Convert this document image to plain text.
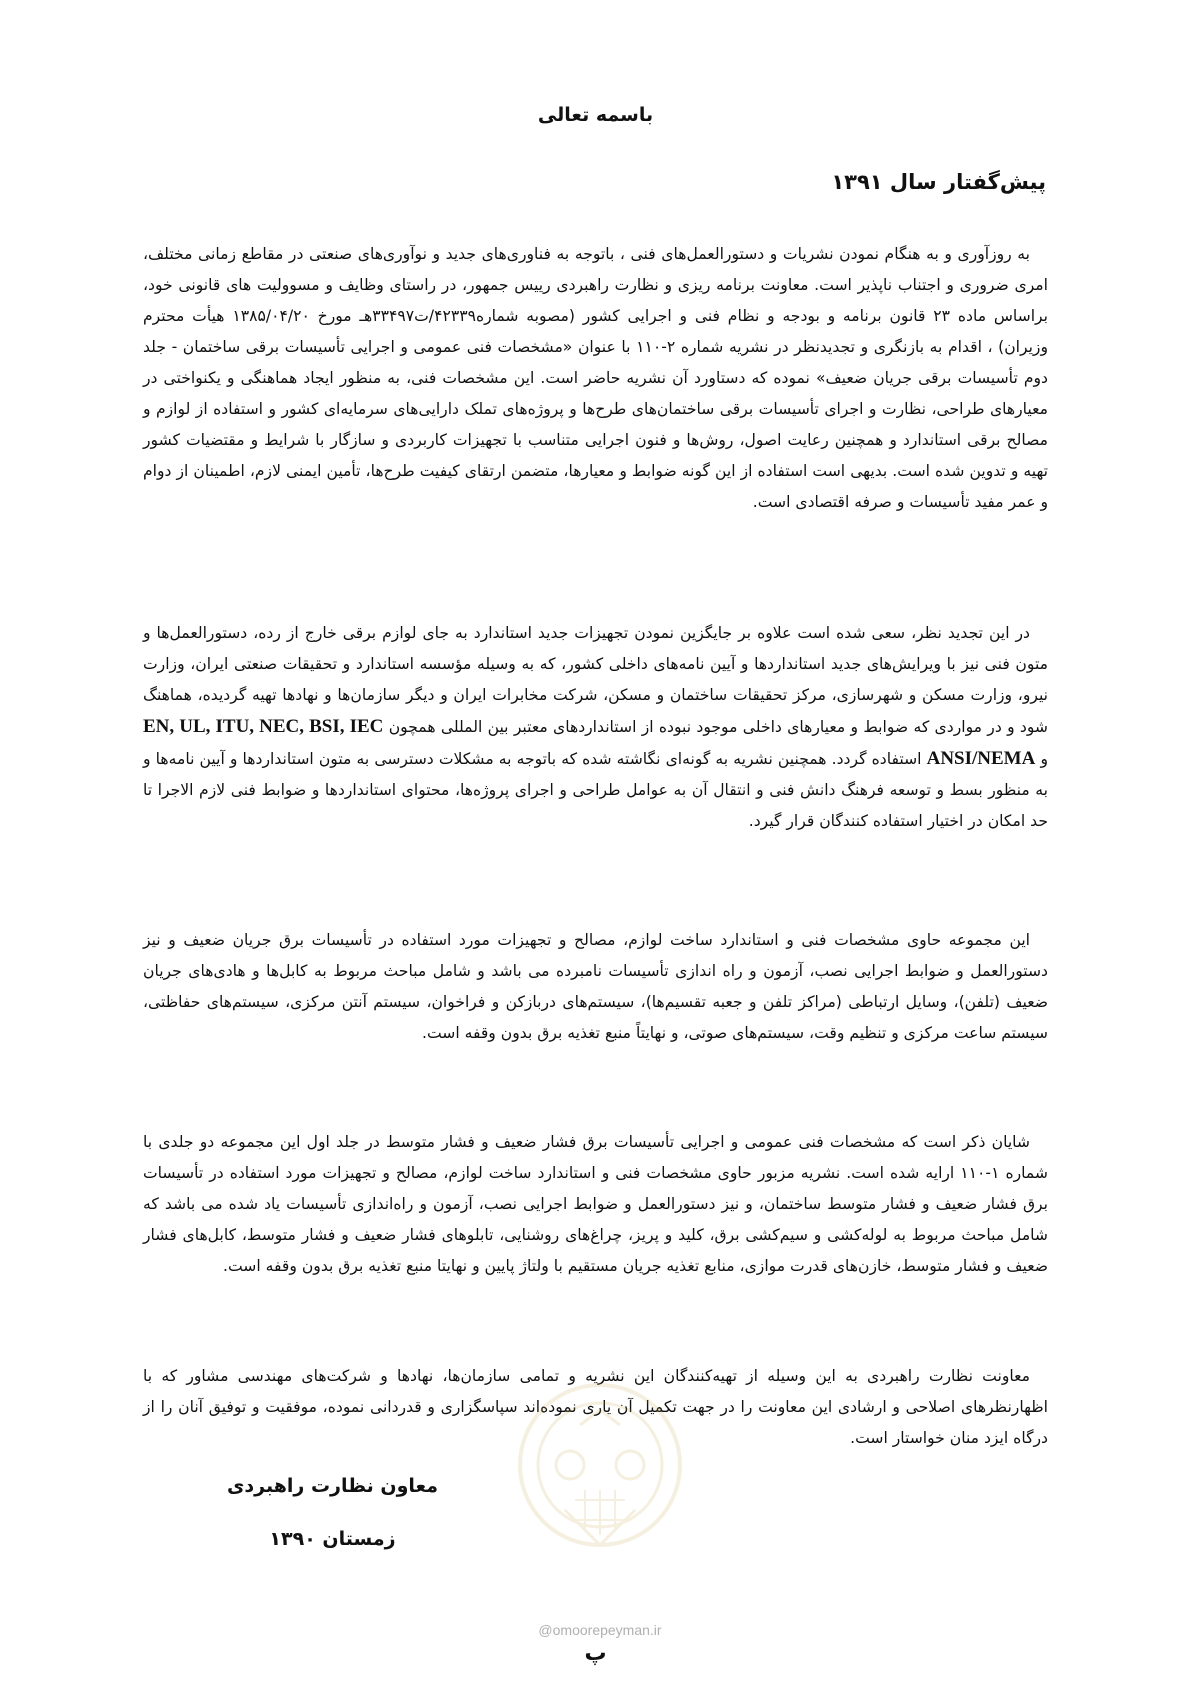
باسمه تعالی
پیش‌گفتار سال ۱۳۹۱

به روزآوری و به هنگام نمودن نشریات و دستورالعمل‌های فنی ، باتوجه به فناوری‌های جدید و نوآوری‌های صنعتی در مقاطع زمانی مختلف، امری ضروری و اجتناب ناپذیر است. معاونت برنامه ریزی و نظارت راهبردی رییس جمهور، در راستای وظایف و مسوولیت های قانونی خود، براساس ماده ۲۳ قانون برنامه و بودجه و نظام فنی و اجرایی کشور (مصوبه شماره۴۲۳۳۹/ت۳۳۴۹۷هـ مورخ ۱۳۸۵/۰۴/۲۰ هیأت محترم وزیران) ، اقدام به بازنگری و تجدیدنظر در نشریه شماره ۲-۱۱۰ با عنوان «مشخصات فنی عمومی و اجرایی تأسیسات برقی ساختمان - جلد دوم تأسیسات برقی جریان ضعیف» نموده که دستاورد آن نشریه حاضر است. این مشخصات فنی، به منظور ایجاد هماهنگی و یکنواختی در معیارهای طراحی، نظارت و اجرای تأسیسات برقی ساختمان‌های طرح‌ها و پروژه‌های تملک دارایی‌های سرمایه‌ای کشور و استفاده از لوازم و مصالح برقی استاندارد و همچنین رعایت اصول، روش‌ها و فنون اجرایی متناسب با تجهیزات کاربردی و سازگار با شرایط و مقتضیات کشور تهیه و تدوین شده است. بدیهی است استفاده از این گونه ضوابط و معیارها، متضمن ارتقای کیفیت طرح‌ها، تأمین ایمنی لازم، اطمینان از دوام و عمر مفید تأسیسات و صرفه اقتصادی است.

در این تجدید نظر، سعی شده است علاوه بر جایگزین نمودن تجهیزات جدید استاندارد به جای لوازم برقی خارج از رده، دستورالعمل‌ها و متون فنی نیز با ویرایش‌های جدید استانداردها و آیین نامه‌های داخلی کشور، که به وسیله مؤسسه استاندارد و تحقیقات صنعتی ایران، وزارت نیرو، وزارت مسکن و شهرسازی، مرکز تحقیقات ساختمان و مسکن، شرکت مخابرات ایران و دیگر سازمان‌ها و نهادها تهیه گردیده، هماهنگ شود و در مواردی که ضوابط و معیارهای داخلی موجود نبوده از استانداردهای معتبر بین المللی همچون EN, UL, ITU, NEC, BSI, IEC و ANSI/NEMA استفاده گردد. همچنین نشریه به گونه‌ای نگاشته شده که باتوجه به مشکلات دسترسی به متون استانداردها و آیین نامه‌ها و به منظور بسط و توسعه فرهنگ دانش فنی و انتقال آن به عوامل طراحی و اجرای پروژه‌ها، محتوای استانداردها و ضوابط فنی لازم الاجرا تا حد امکان در اختیار استفاده کنندگان قرار گیرد.

این مجموعه حاوی مشخصات فنی و استاندارد ساخت لوازم، مصالح و تجهیزات مورد استفاده در تأسیسات برق جریان ضعیف و نیز دستورالعمل و ضوابط اجرایی نصب، آزمون و راه اندازی تأسیسات نامبرده می باشد و شامل مباحث مربوط به کابل‌ها و هادی‌های جریان ضعیف (تلفن)، وسایل ارتباطی (مراکز تلفن و جعبه تقسیم‌ها)، سیستم‌های دربازکن و فراخوان، سیستم آنتن مرکزی، سیستم‌های حفاظتی، سیستم ساعت مرکزی و تنظیم وقت، سیستم‌های صوتی، و نهایتاً منبع تغذیه برق بدون وقفه است.

شایان ذکر است که مشخصات فنی عمومی و اجرایی تأسیسات برق فشار ضعیف و فشار متوسط در جلد اول این مجموعه دو جلدی با شماره ۱-۱۱۰ ارایه شده است. نشریه مزبور حاوی مشخصات فنی و استاندارد ساخت لوازم، مصالح و تجهیزات مورد استفاده در تأسیسات برق فشار ضعیف و فشار متوسط ساختمان، و نیز دستورالعمل و ضوابط اجرایی نصب، آزمون و راه‌اندازی تأسیسات یاد شده می باشد که شامل مباحث مربوط به لوله‌کشی و سیم‌کشی برق، کلید و پریز، چراغ‌های روشنایی، تابلوهای فشار ضعیف و فشار متوسط، کابل‌های فشار ضعیف و فشار متوسط، خازن‌های قدرت موازی، منابع تغذیه جریان مستقیم با ولتاژ پایین و نهایتا منبع تغذیه برق بدون وقفه است.

معاونت نظارت راهبردی به این وسیله از تهیه‌کنندگان این نشریه و تمامی سازمان‌ها، نهادها و شرکت‌های مهندسی مشاور که با اظهارنظرهای اصلاحی و ارشادی این معاونت را در جهت تکمیل آن یاری نموده‌اند سپاسگزاری و قدردانی نموده، موفقیت و توفیق آنان را از درگاه ایزد منان خواستار است.

@omoorepeyman.ir
معاون نظارت راهبردی
زمستان ۱۳۹۰
پ
